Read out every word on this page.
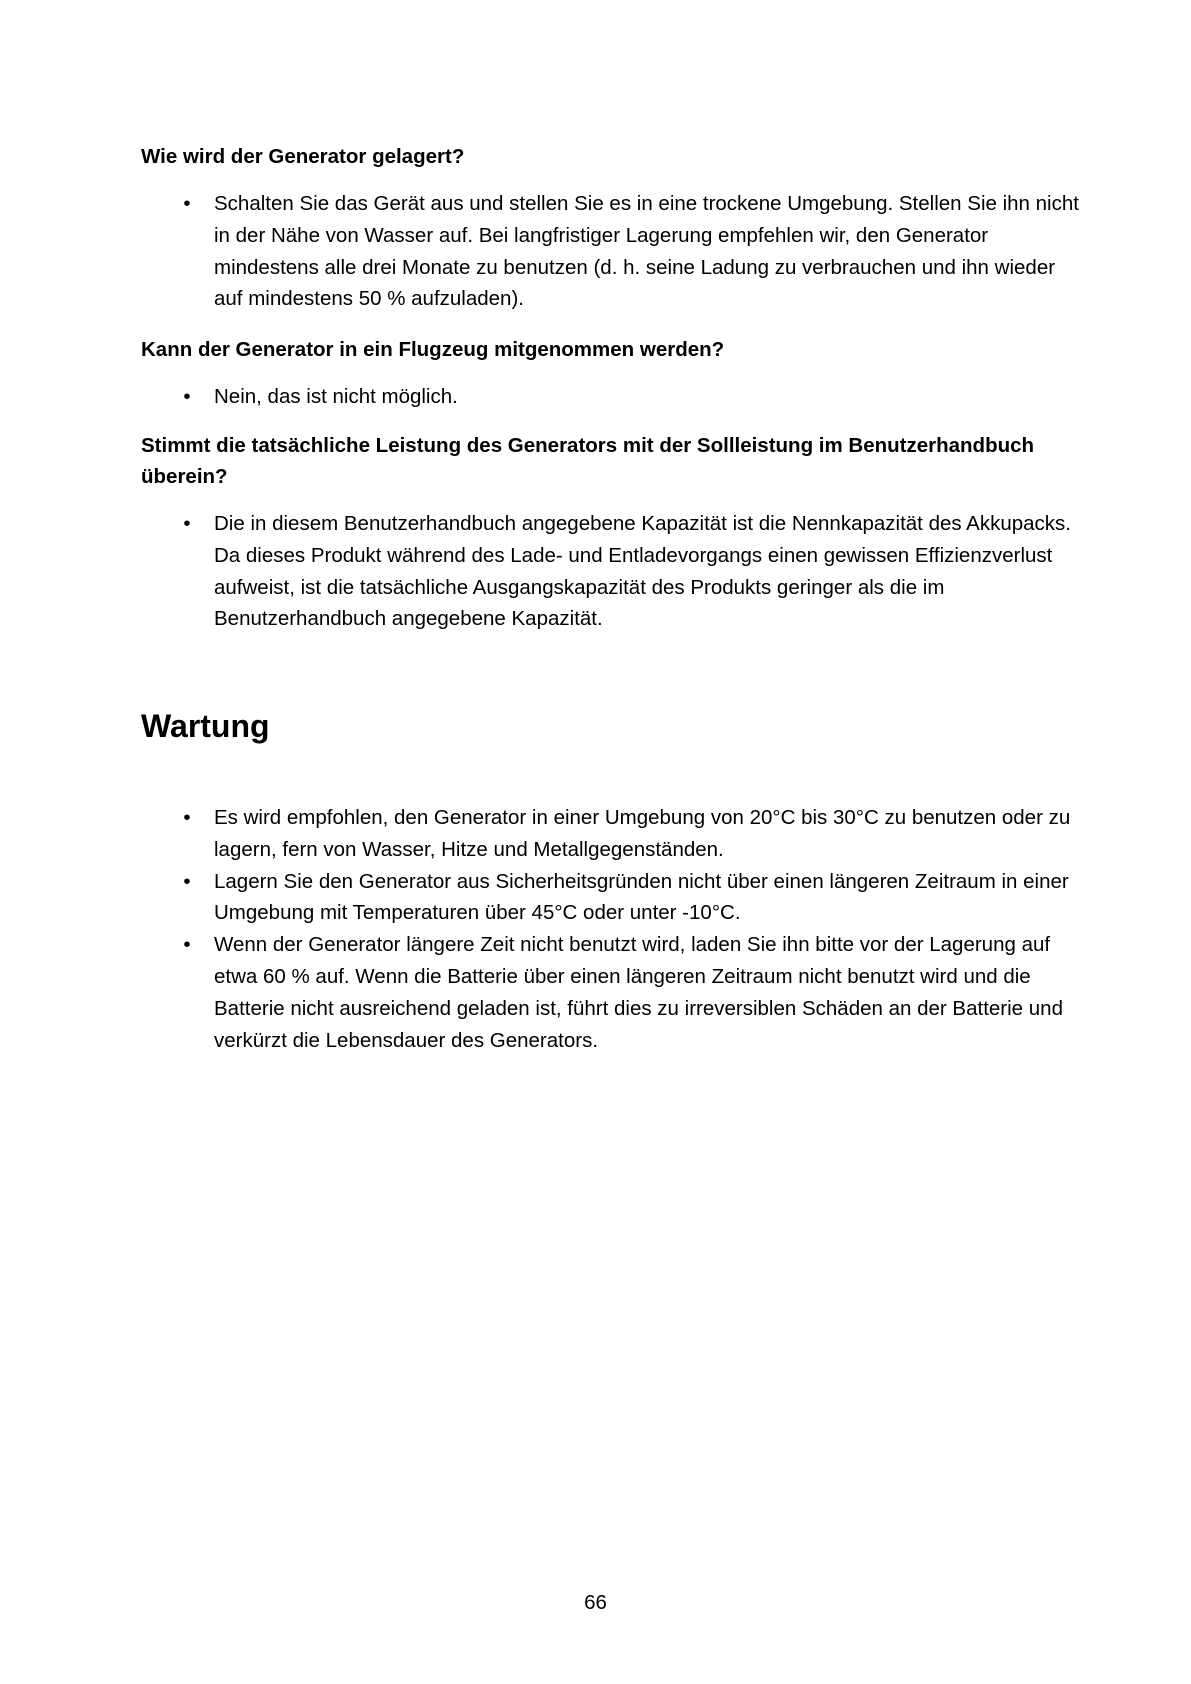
Wie wird der Generator gelagert?

•	Schalten Sie das Gerät aus und stellen Sie es in eine trockene Umgebung. Stellen Sie ihn nicht in der Nähe von Wasser auf. Bei langfristiger Lagerung empfehlen wir, den Generator mindestens alle drei Monate zu benutzen (d. h. seine Ladung zu verbrauchen und ihn wieder auf mindestens 50 % aufzuladen).

Kann der Generator in ein Flugzeug mitgenommen werden?

•	Nein, das ist nicht möglich.

Stimmt die tatsächliche Leistung des Generators mit der Sollleistung im Benutzerhandbuch überein?

•	Die in diesem Benutzerhandbuch angegebene Kapazität ist die Nennkapazität des Akkupacks. Da dieses Produkt während des Lade- und Entladevorgangs einen gewissen Effizienzverlust aufweist, ist die tatsächliche Ausgangskapazität des Produkts geringer als die im Benutzerhandbuch angegebene Kapazität.
Wartung
•	Es wird empfohlen, den Generator in einer Umgebung von 20°C bis 30°C zu benutzen oder zu lagern, fern von Wasser, Hitze und Metallgegenständen.
•	Lagern Sie den Generator aus Sicherheitsgründen nicht über einen längeren Zeitraum in einer Umgebung mit Temperaturen über 45°C oder unter -10°C.
•	Wenn der Generator längere Zeit nicht benutzt wird, laden Sie ihn bitte vor der Lagerung auf etwa 60 % auf. Wenn die Batterie über einen längeren Zeitraum nicht benutzt wird und die Batterie nicht ausreichend geladen ist, führt dies zu irreversiblen Schäden an der Batterie und verkürzt die Lebensdauer des Generators.
66
